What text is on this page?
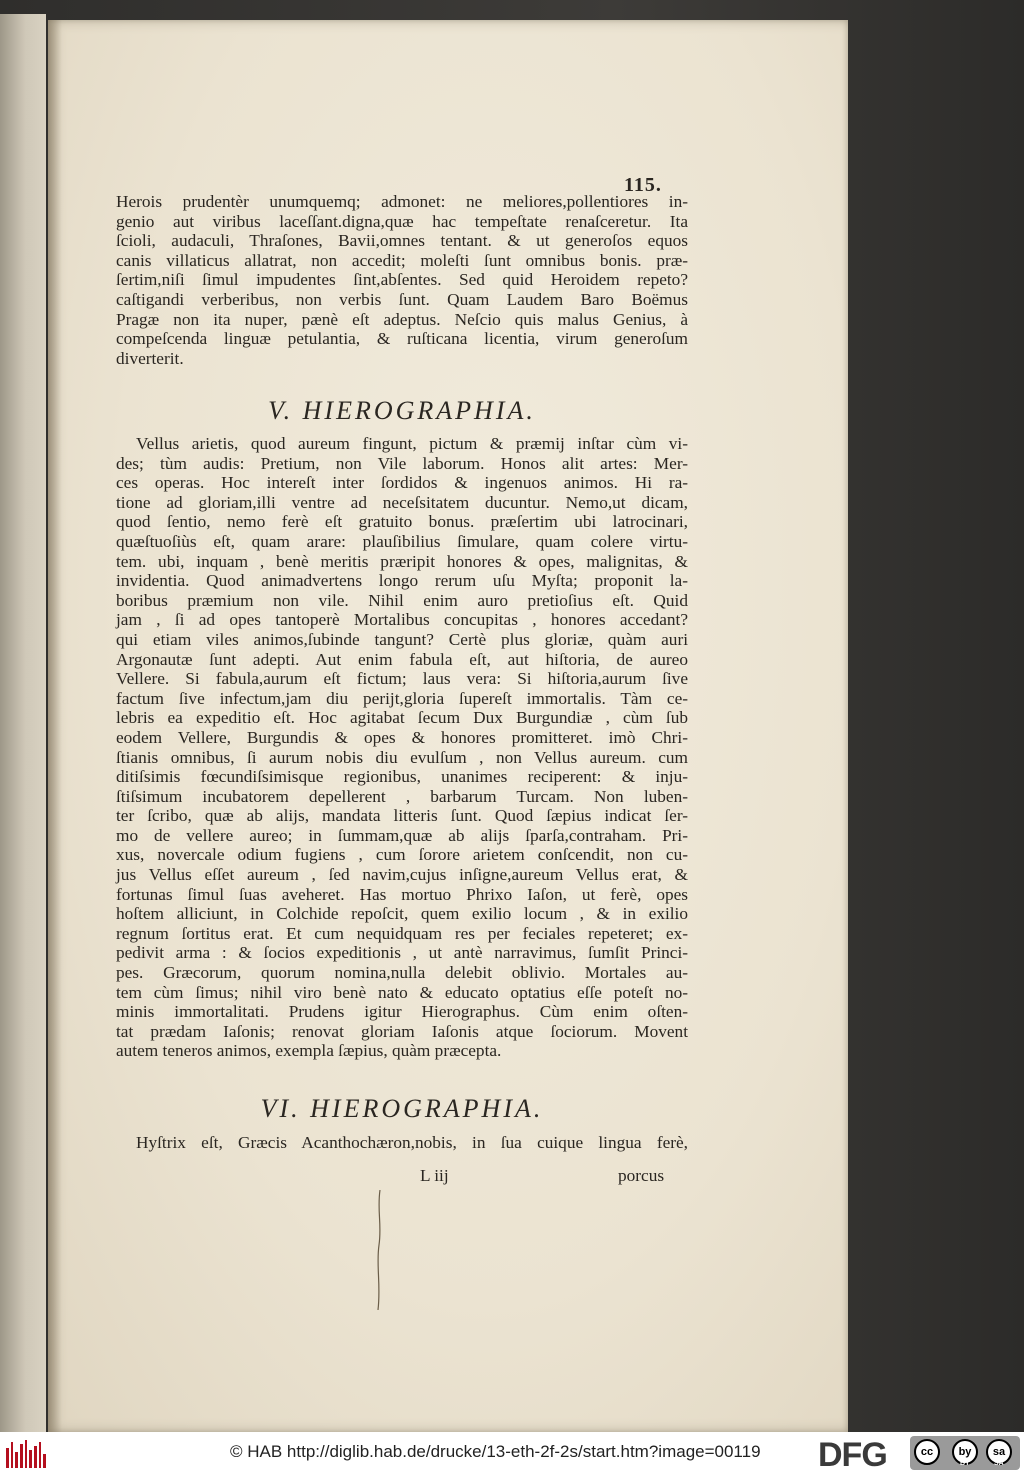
115.
Herois prudentèr unumquemq; admonet: ne meliores,pollentiores in-
genio aut viribus laceſſant.digna,quæ hac tempeſtate renaſceretur. Ita
ſcioli, audaculi, Thraſones, Bavii,omnes tentant. & ut generoſos equos
canis villaticus allatrat, non accedit; moleſti ſunt omnibus bonis. præ-
ſertim,niſi ſimul impudentes ſint,abſentes. Sed quid Heroidem repeto?
caſtigandi verberibus, non verbis ſunt. Quam Laudem Baro Boëmus
Pragæ non ita nuper, pænè eſt adeptus. Neſcio quis malus Genius, à
compeſcenda linguæ petulantia, & ruſticana licentia, virum generoſum
diverterit.
V. HIEROGRAPHIA.
Vellus arietis, quod aureum fingunt, pictum & præmij inſtar cùm vi-
des; tùm audis: Pretium, non Vile laborum. Honos alit artes: Mer-
ces operas. Hoc intereſt inter ſordidos & ingenuos animos. Hi ra-
tione ad gloriam,illi ventre ad neceſsitatem ducuntur. Nemo,ut dicam,
quod ſentio, nemo ferè eſt gratuito bonus. præſertim ubi latrocinari,
quæſtuoſiùs eſt, quam arare: plauſibilius ſimulare, quam colere virtu-
tem. ubi, inquam , benè meritis præripit honores & opes, malignitas, &
invidentia. Quod animadvertens longo rerum uſu Myſta; proponit la-
boribus præmium non vile. Nihil enim auro pretioſius eſt. Quid
jam , ſi ad opes tantoperè Mortalibus concupitas , honores accedant?
qui etiam viles animos,ſubinde tangunt? Certè plus gloriæ, quàm auri
Argonautæ ſunt adepti. Aut enim fabula eſt, aut hiſtoria, de aureo
Vellere. Si fabula,aurum eſt fictum; laus vera: Si hiſtoria,aurum ſive
factum ſive infectum,jam diu perijt,gloria ſupereſt immortalis. Tàm ce-
lebris ea expeditio eſt. Hoc agitabat ſecum Dux Burgundiæ , cùm ſub
eodem Vellere, Burgundis & opes & honores promitteret. imò Chri-
ſtianis omnibus, ſi aurum nobis diu evulſum , non Vellus aureum. cum
ditiſsimis fœcundiſsimisque regionibus, unanimes reciperent: & inju-
ſtiſsimum incubatorem depellerent , barbarum Turcam. Non luben-
ter ſcribo, quæ ab alijs, mandata litteris ſunt. Quod ſæpius indicat ſer-
mo de vellere aureo; in ſummam,quæ ab alijs ſparſa,contraham. Pri-
xus, novercale odium fugiens , cum ſorore arietem conſcendit, non cu-
jus Vellus eſſet aureum , ſed navim,cujus inſigne,aureum Vellus erat, &
fortunas ſimul ſuas aveheret. Has mortuo Phrixo Iaſon, ut ferè, opes
hoſtem alliciunt, in Colchide repoſcit, quem exilio locum , & in exilio
regnum ſortitus erat. Et cum nequidquam res per feciales repeteret; ex-
pedivit arma : & ſocios expeditionis , ut antè narravimus, ſumſit Princi-
pes. Græcorum, quorum nomina,nulla delebit oblivio. Mortales au-
tem cùm ſimus; nihil viro benè nato & educato optatius eſſe poteſt no-
minis immortalitati. Prudens igitur Hierographus. Cùm enim oſten-
tat prædam Iaſonis; renovat gloriam Iaſonis atque ſociorum. Movent
autem teneros animos, exempla ſæpius, quàm præcepta.
VI. HIEROGRAPHIA.
Hyſtrix eſt, Græcis Acanthochæron,nobis, in ſua cuique lingua ferè,
L iij	porcus
© HAB http://diglib.hab.de/drucke/13-eth-2f-2s/start.htm?image=00119 DFG	cc	by	sa
BY	SA
